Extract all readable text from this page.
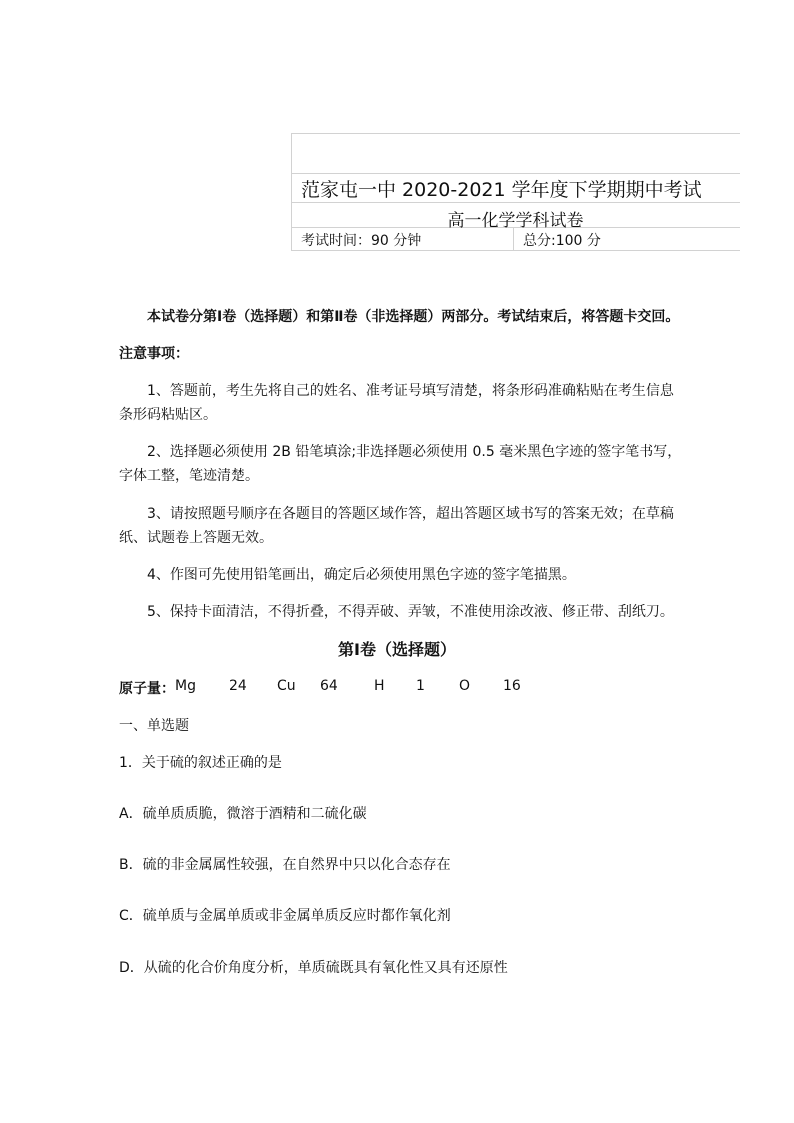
范家屯一中 2020-2021 学年度下学期期中考试
高一化学学科试卷
考试时间：90 分钟	总分:100 分
本试卷分第Ⅰ卷（选择题）和第Ⅱ卷（非选择题）两部分。考试结束后，将答题卡交回。
注意事项：
1、答题前，考生先将自己的姓名、准考证号填写清楚，将条形码准确粘贴在考生信息
条形码粘贴区。
2、选择题必须使用 2B 铅笔填涂;非选择题必须使用 0.5 毫米黑色字迹的签字笔书写，
字体工整，笔迹清楚。
3、请按照题号顺序在各题目的答题区域作答，超出答题区域书写的答案无效；在草稿
纸、试题卷上答题无效。
4、作图可先使用铅笔画出，确定后必须使用黑色字迹的签字笔描黑。
5、保持卡面清洁，不得折叠，不得弄破、弄皱，不准使用涂改液、修正带、刮纸刀。
第Ⅰ卷（选择题）
原子量： Mg 24 Cu 64	H 1 O 16
一、单选题
1．关于硫的叙述正确的是
A．硫单质质脆，微溶于酒精和二硫化碳
B．硫的非金属属性较强，在自然界中只以化合态存在
C．硫单质与金属单质或非金属单质反应时都作氧化剂
D．从硫的化合价角度分析，单质硫既具有氧化性又具有还原性
